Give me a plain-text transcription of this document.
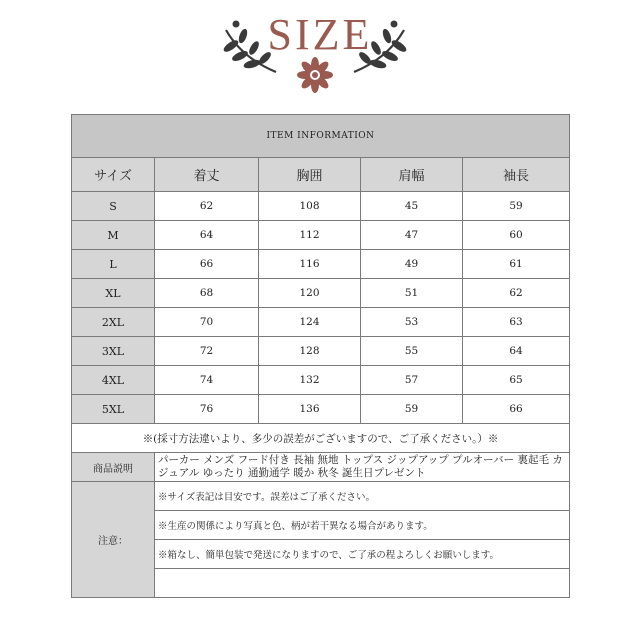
SIZE
ITEM INFORMATION				
サイズ	着丈	胸囲	肩幅	袖長
S	62	108	45	59
M	64	112	47	60
L	66	116	49	61
XL	68	120	51	62
2XL	70	124	53	63
3XL	72	128	55	64
4XL	74	132	57	65
5XL	76	136	59	66
※(採寸方法違いより、多少の誤差がございますので、ご了承ください。）※				
商品説明	パーカー メンズ フード付き 長袖 無地 トップス ジップアップ プルオーバー 裏起毛 カジュアル ゆったり 通勤通学 暖か 秋冬 誕生日プレゼント			
注意：	※サイズ表記は目安です。誤差はご了承ください。			
	※生産の関係により写真と色、柄が若干異なる場合があります。			
	※箱なし、簡単包装で発送になりますので、ご了承の程よろしくお願いします。			
